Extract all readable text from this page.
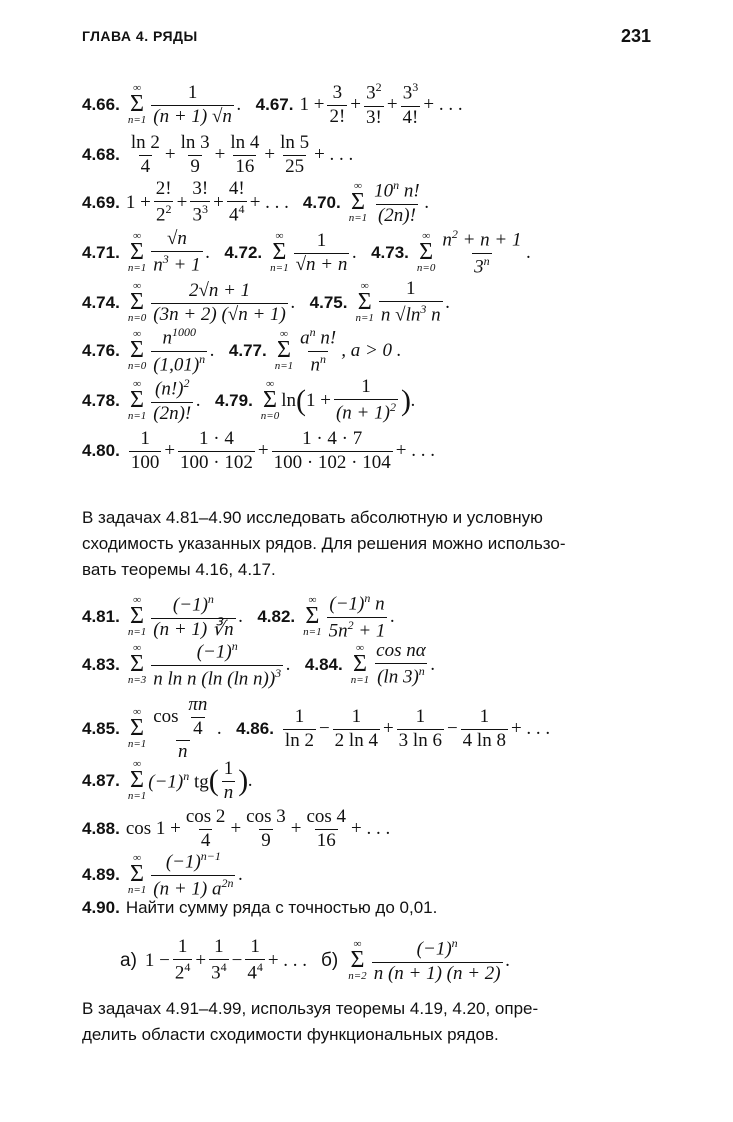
ГЛАВА 4. РЯДЫ	231
4.66.
∞
Σ
$n=1 \frac{1}{(n + 1) √n}$ . 4.67. $1 + \frac{3}{2!} + \frac{3^2}{3!} + \frac{3^3}{4!}$ + . . .
4.68. $\frac{\ln 2}{4} + \frac{\ln 3}{9} + \frac{\ln 4}{16} + \frac{\ln 5}{25}$ + . . .
4.69. $1 + \frac{2!}{2^2} + \frac{3!}{3^3} + \frac{4!}{4^4}$ + . . . 4.70.
∞
Σ
$n=1 \frac{10^n n!}{(2n)!}$ .
4.71.
∞
Σ
$n=1 \frac{√n}{n^3 + 1}$ . 4.72.
∞
Σ
$n=1 \frac{1}{√n + n}$ . 4.73.
∞
Σ
$n=0 \frac{n^2 + n + 1}{3^n}$ .
4.74.
∞
Σ
$n=0 \frac{2√n + 1}{(3n + 2) (√n + 1)}$ . 4.75.
∞
Σ
$n=1 \frac{1}{n √\ln^3 n}$ .
4.76.
∞
Σ
$n=0 \frac{n^{1000}}{(1,01)^n}$ . 4.77.
∞
Σ
$n=1 \frac{a^n n!}{n^n}$ , a > 0 .
4.78.
∞
Σ
$n=1 \frac{(n!)^2}{(2n)!}$ . 4.79.
∞
Σ
n=0
ln ( $1 + \frac{1}{(n + 1)^2}$ ) .
4.80. $\frac{1}{100} + \frac{1 \cdot 4}{100 \cdot 102} + \frac{1 \cdot 4 \cdot 7}{100 \cdot 102 \cdot 104}$ + . . .
В задачах 4.81–4.90 исследовать абсолютную и условную
сходимость указанных рядов. Для решения можно использо-
вать теоремы 4.16, 4.17.
4.81.
∞
Σ
$n=1 \frac{(-1)^n}{(n + 1) ∛n}$ . 4.82.
∞
Σ
$n=1 \frac{(-1)^n n}{5n^2 + 1}$ .
4.83.
∞
Σ
$n=3 \frac{(-1)^n}{n \ln n (\ln (\ln n))^3}$ . 4.84.
∞
Σ
$n=1 \frac{\text{cos nα}}{(\ln 3)^n}$ .
4.85.
∞
Σ
$n=1 \frac{\cos \frac{\pi n}{4}}{n}$ . 4.86. $\frac{1}{\ln 2} - \frac{1}{2 \ln 4} + \frac{1}{3 \ln 6} - \frac{1}{4 \ln 8}$ + . . .
4.87.
∞
Σ
n=1
$(-1)^n$ tg ( $\frac{1}{n}$ ) .
4.88. $\cos 1 + \frac{\cos 2}{4} + \frac{\cos 3}{9} + \frac{\cos 4}{16}$ + . . .
4.89.
∞
Σ
$n=1 \frac{(-1)^{n-1}}{(n + 1) a^{2n}}$ .
4.90. Найти сумму ряда с точностью до 0,01.
а) $1 - \frac{1}{2^4} + \frac{1}{3^4} - \frac{1}{4^4}$ + . . . б)
∞
Σ
$n=2 \frac{(-1)^n}{n (n + 1) (n + 2)}$ .
В задачах 4.91–4.99, используя теоремы 4.19, 4.20, опре-
делить области сходимости функциональных рядов.
